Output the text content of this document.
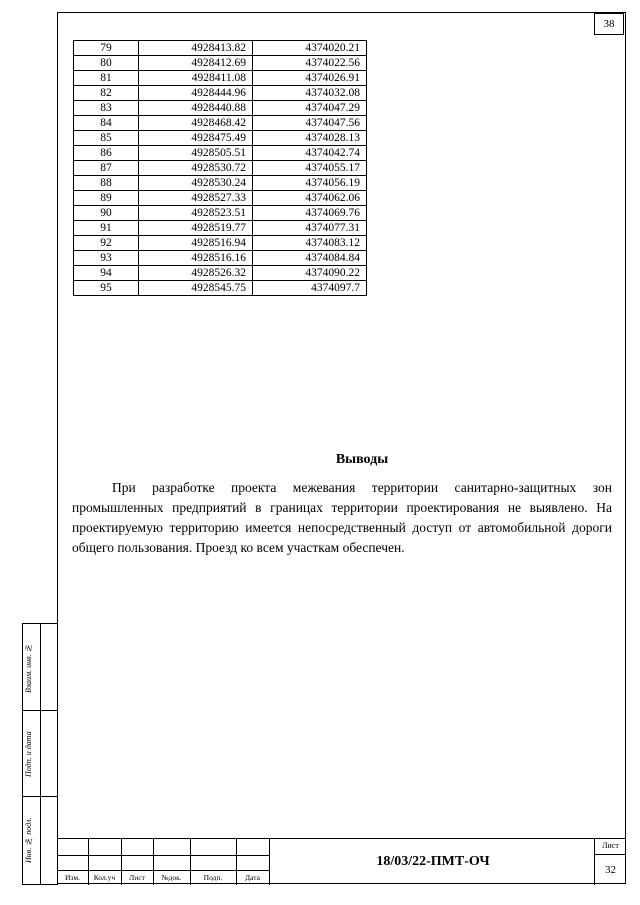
38
Взаим. инв. №
Подп. и дата
Инв. № подл.
79	4928413.82	4374020.21
80	4928412.69	4374022.56
81	4928411.08	4374026.91
82	4928444.96	4374032.08
83	4928440.88	4374047.29
84	4928468.42	4374047.56
85	4928475.49	4374028.13
86	4928505.51	4374042.74
87	4928530.72	4374055.17
88	4928530.24	4374056.19
89	4928527.33	4374062.06
90	4928523.51	4374069.76
91	4928519.77	4374077.31
92	4928516.94	4374083.12
93	4928516.16	4374084.84
94	4928526.32	4374090.22
95	4928545.75	4374097.7
Выводы
При разработке проекта межевания территории санитарно-защитных зон промышленных предприятий в границах территории проектирования не выявлено. На проектируемую территорию имеется непосредственный доступ от автомобильной дороги общего пользования. Проезд ко всем участкам обеспечен.
Изм.	Кол.уч	Лист	№док.	Подп.	Дата
18/03/22-ПМТ-ОЧ
Лист
32
